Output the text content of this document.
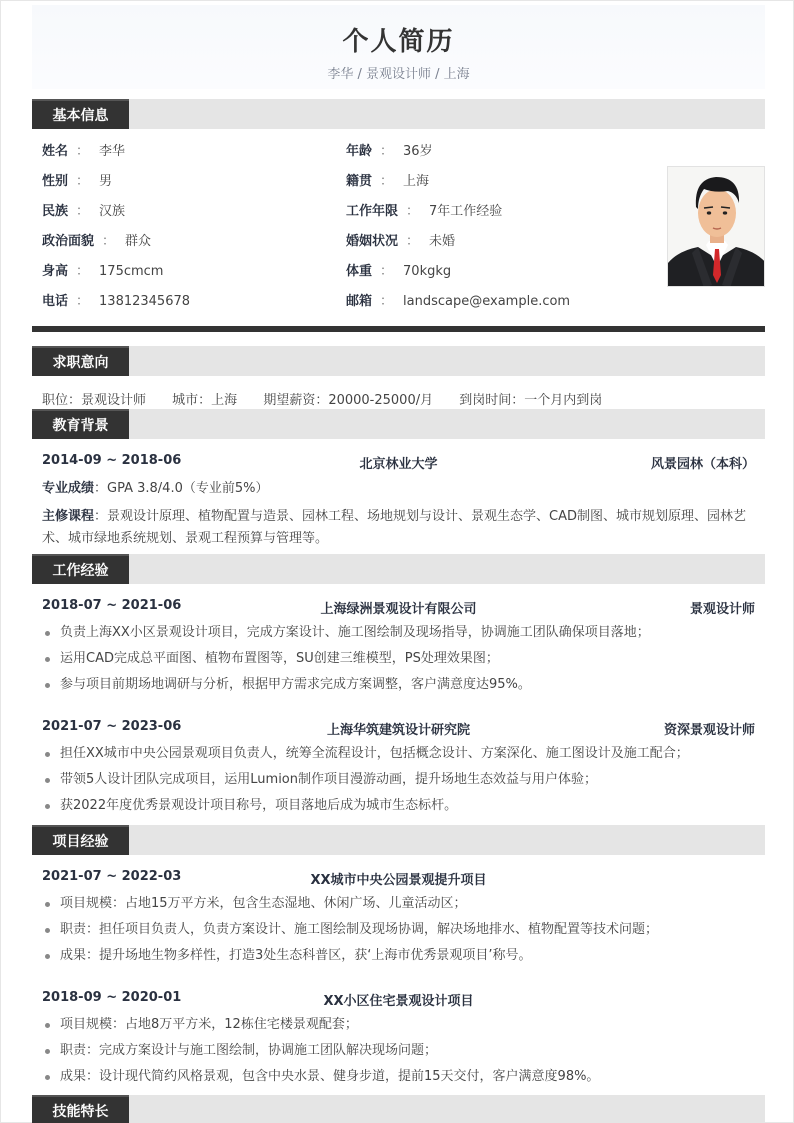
个人简历
李华 / 景观设计师 / 上海
基本信息
姓名 ： 李华
性别 ： 男
民族 ： 汉族
政治面貌 ： 群众
身高 ： 175cmcm
电话 ： 13812345678
年龄 ： 36岁
籍贯 ： 上海
工作年限 ： 7年工作经验
婚姻状况 ： 未婚
体重 ： 70kgkg
邮箱 ： landscape@example.com
求职意向
职位：景观设计师 城市：上海 期望薪资：20000-25000/月 到岗时间：一个月内到岗
教育背景
2014-09 ~ 2018-06	北京林业大学	风景园林（本科）
专业成绩：GPA 3.8/4.0（专业前5%）
主修课程：景观设计原理、植物配置与造景、园林工程、场地规划与设计、景观生态学、CAD制图、城市规划原理、园林艺术、城市绿地系统规划、景观工程预算与管理等。
工作经验
2018-07 ~ 2021-06	上海绿洲景观设计有限公司	景观设计师
负责上海XX小区景观设计项目，完成方案设计、施工图绘制及现场指导，协调施工团队确保项目落地；
运用CAD完成总平面图、植物布置图等，SU创建三维模型，PS处理效果图；
参与项目前期场地调研与分析，根据甲方需求完成方案调整，客户满意度达95%。
2021-07 ~ 2023-06	上海华筑建筑设计研究院	资深景观设计师
担任XX城市中央公园景观项目负责人，统筹全流程设计，包括概念设计、方案深化、施工图设计及施工配合；
带领5人设计团队完成项目，运用Lumion制作项目漫游动画，提升场地生态效益与用户体验；
获2022年度优秀景观设计项目称号，项目落地后成为城市生态标杆。
项目经验
2021-07 ~ 2022-03	XX城市中央公园景观提升项目
项目规模：占地15万平方米，包含生态湿地、休闲广场、儿童活动区；
职责：担任项目负责人，负责方案设计、施工图绘制及现场协调，解决场地排水、植物配置等技术问题；
成果：提升场地生物多样性，打造3处生态科普区，获‘上海市优秀景观项目’称号。
2018-09 ~ 2020-01	XX小区住宅景观设计项目
项目规模：占地8万平方米，12栋住宅楼景观配套；
职责：完成方案设计与施工图绘制，协调施工团队解决现场问题；
成果：设计现代简约风格景观，包含中央水景、健身步道，提前15天交付，客户满意度98%。
技能特长
